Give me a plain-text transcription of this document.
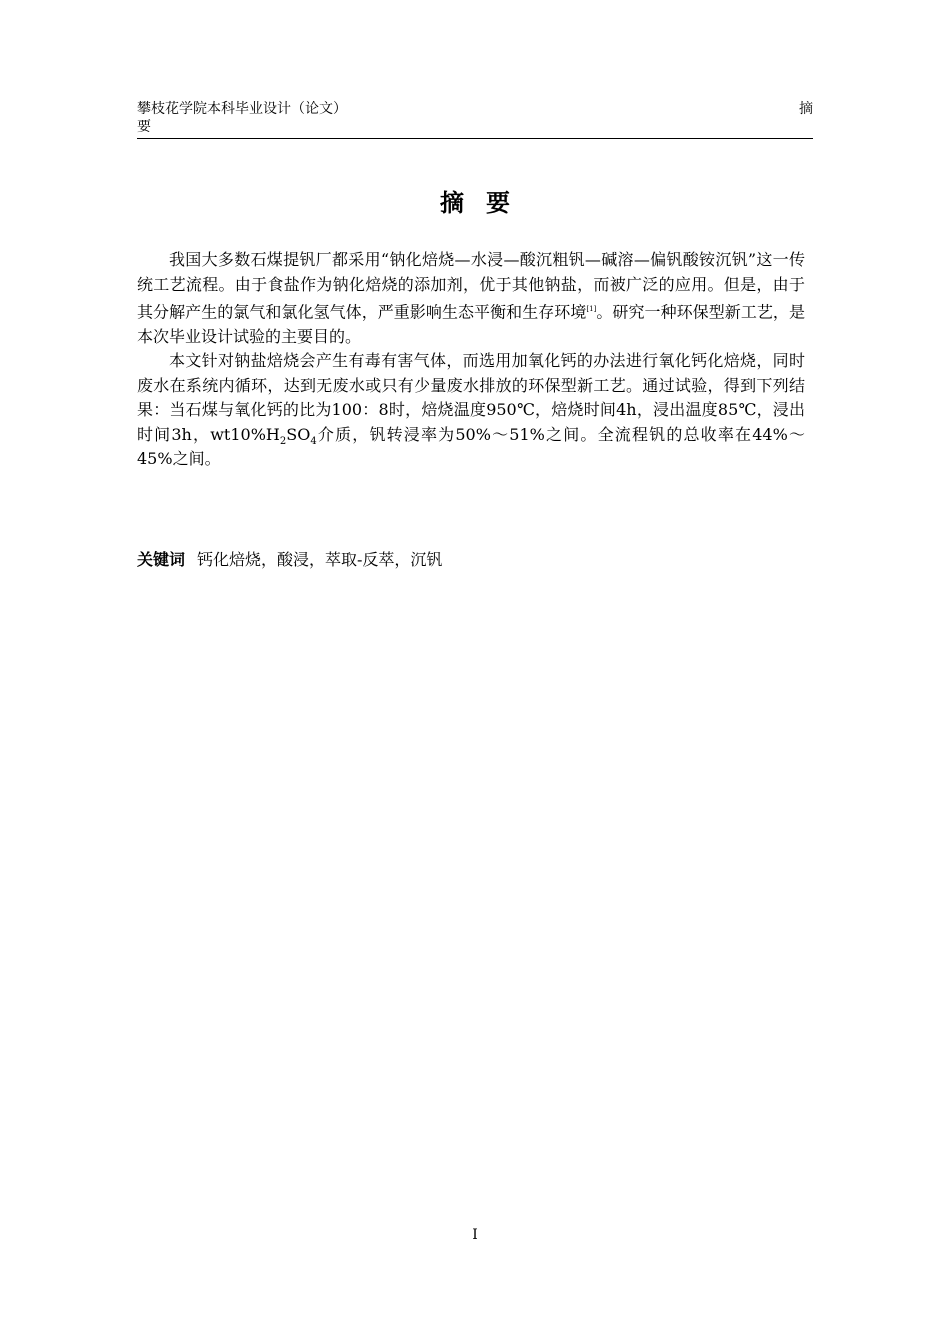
攀枝花学院本科毕业设计（论文）
要
摘
摘要

我国大多数石煤提钒厂都采用“钠化焙烧—水浸—酸沉粗钒—碱溶—偏钒酸铵沉钒”这一传统工艺流程。由于食盐作为钠化焙烧的添加剂，优于其他钠盐，而被广泛的应用。但是，由于其分解产生的氯气和氯化氢气体，严重影响生态平衡和生存环境[1]。研究一种环保型新工艺，是本次毕业设计试验的主要目的。

本文针对钠盐焙烧会产生有毒有害气体，而选用加氧化钙的办法进行氧化钙化焙烧，同时废水在系统内循环，达到无废水或只有少量废水排放的环保型新工艺。通过试验，得到下列结果：当石煤与氧化钙的比为100：8时，焙烧温度950℃，焙烧时间4h，浸出温度85℃，浸出时间3h，$wt10\%H_2SO_4$介质，钒转浸率为50%～51%之间。全流程钒的总收率在44%～45%之间。

关键词 钙化焙烧，酸浸，萃取-反萃，沉钒
I
